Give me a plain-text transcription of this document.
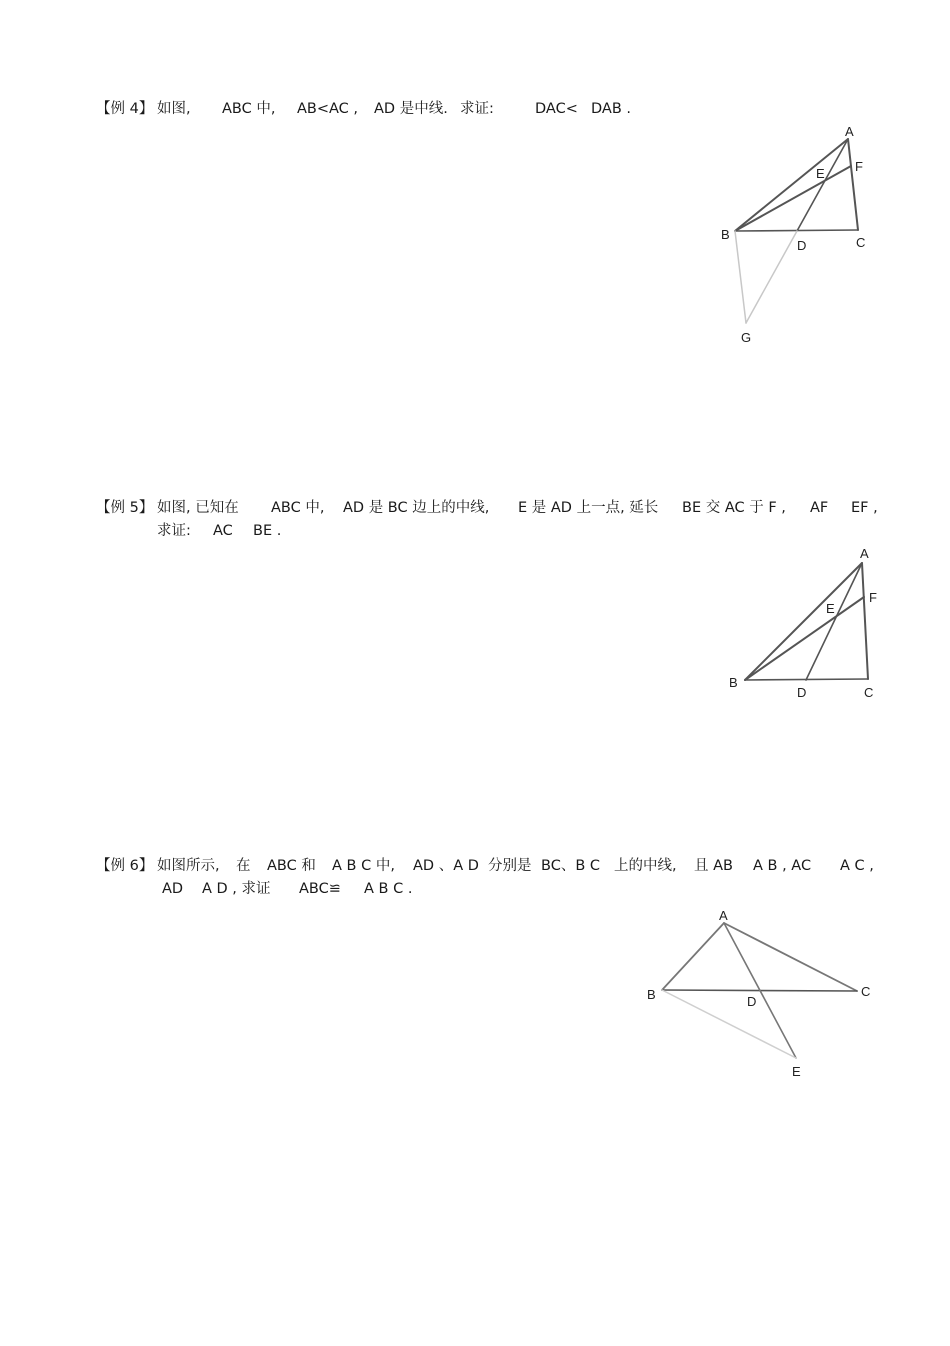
【例 4】 如图, ABC 中, AB<AC , AD 是中线. 求证:	DAC< DAB .
【例 5】 如图, 已知在 ABC 中, AD 是 BC 边上的中线, E 是 AD 上一点, 延长 BE 交 AC 于 F , AF EF ,
求证: AC BE .
【例 6】 如图所示, 在 ABC 和 A B C 中, AD 、A D 分别是 BC、B C 上的中线, 且 AB A B , AC A C ,
AD A D , 求证 ABC≌ A B C .
A
B
C
D
E F
G
A
B
C
D
E
F
A
B	C
D
E
